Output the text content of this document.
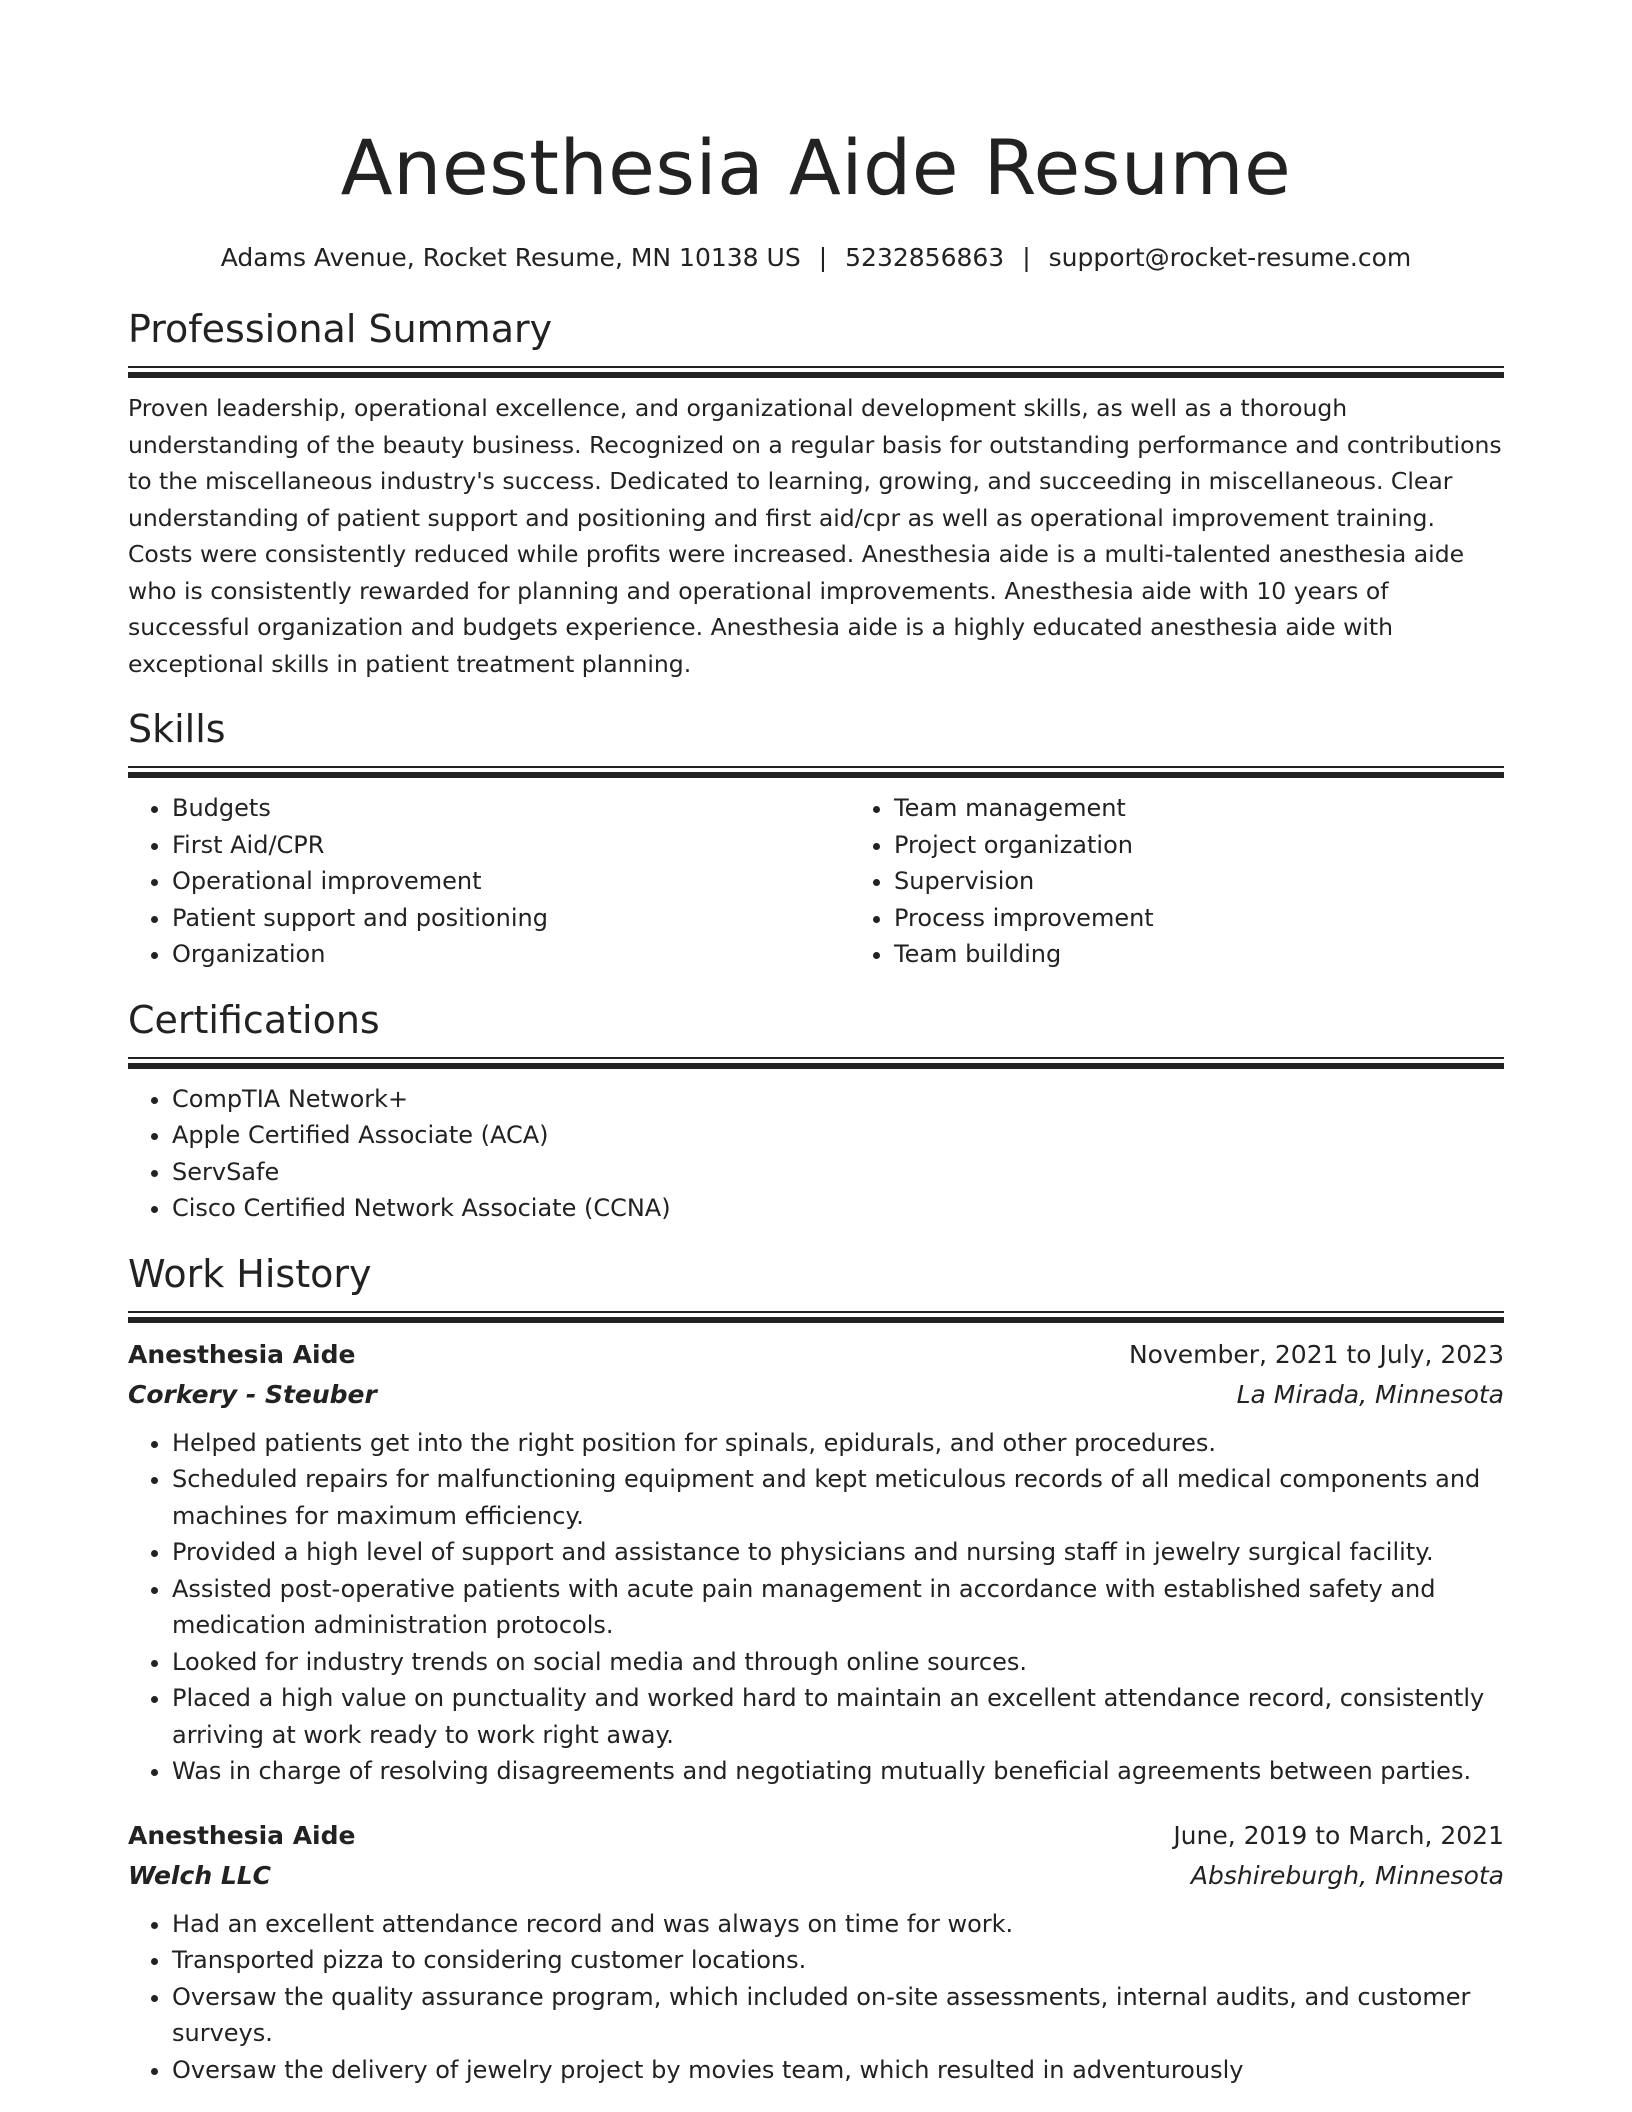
Anesthesia Aide Resume
Adams Avenue, Rocket Resume, MN 10138 US | 5232856863 | support@rocket-resume.com
Professional Summary
Proven leadership, operational excellence, and organizational development skills, as well as a thorough understanding of the beauty business. Recognized on a regular basis for outstanding performance and contributions to the miscellaneous industry's success. Dedicated to learning, growing, and succeeding in miscellaneous. Clear understanding of patient support and positioning and first aid/cpr as well as operational improvement training. Costs were consistently reduced while profits were increased. Anesthesia aide is a multi-talented anesthesia aide who is consistently rewarded for planning and operational improvements. Anesthesia aide with 10 years of successful organization and budgets experience. Anesthesia aide is a highly educated anesthesia aide with exceptional skills in patient treatment planning.
Skills
• Budgets
• First Aid/CPR
• Operational improvement
• Patient support and positioning
• Organization
• Team management
• Project organization
• Supervision
• Process improvement
• Team building
Certifications
• CompTIA Network+
• Apple Certified Associate (ACA)
• ServSafe
• Cisco Certified Network Associate (CCNA)
Work History
Anesthesia Aide	November, 2021 to July, 2023
Corkery - Steuber	La Mirada, Minnesota
• Helped patients get into the right position for spinals, epidurals, and other procedures.
• Scheduled repairs for malfunctioning equipment and kept meticulous records of all medical components and machines for maximum efficiency.
• Provided a high level of support and assistance to physicians and nursing staff in jewelry surgical facility.
• Assisted post-operative patients with acute pain management in accordance with established safety and medication administration protocols.
• Looked for industry trends on social media and through online sources.
• Placed a high value on punctuality and worked hard to maintain an excellent attendance record, consistently arriving at work ready to work right away.
• Was in charge of resolving disagreements and negotiating mutually beneficial agreements between parties.
Anesthesia Aide	June, 2019 to March, 2021
Welch LLC	Abshireburgh, Minnesota
• Had an excellent attendance record and was always on time for work.
• Transported pizza to considering customer locations.
• Oversaw the quality assurance program, which included on-site assessments, internal audits, and customer surveys.
• Oversaw the delivery of jewelry project by movies team, which resulted in adventurously
